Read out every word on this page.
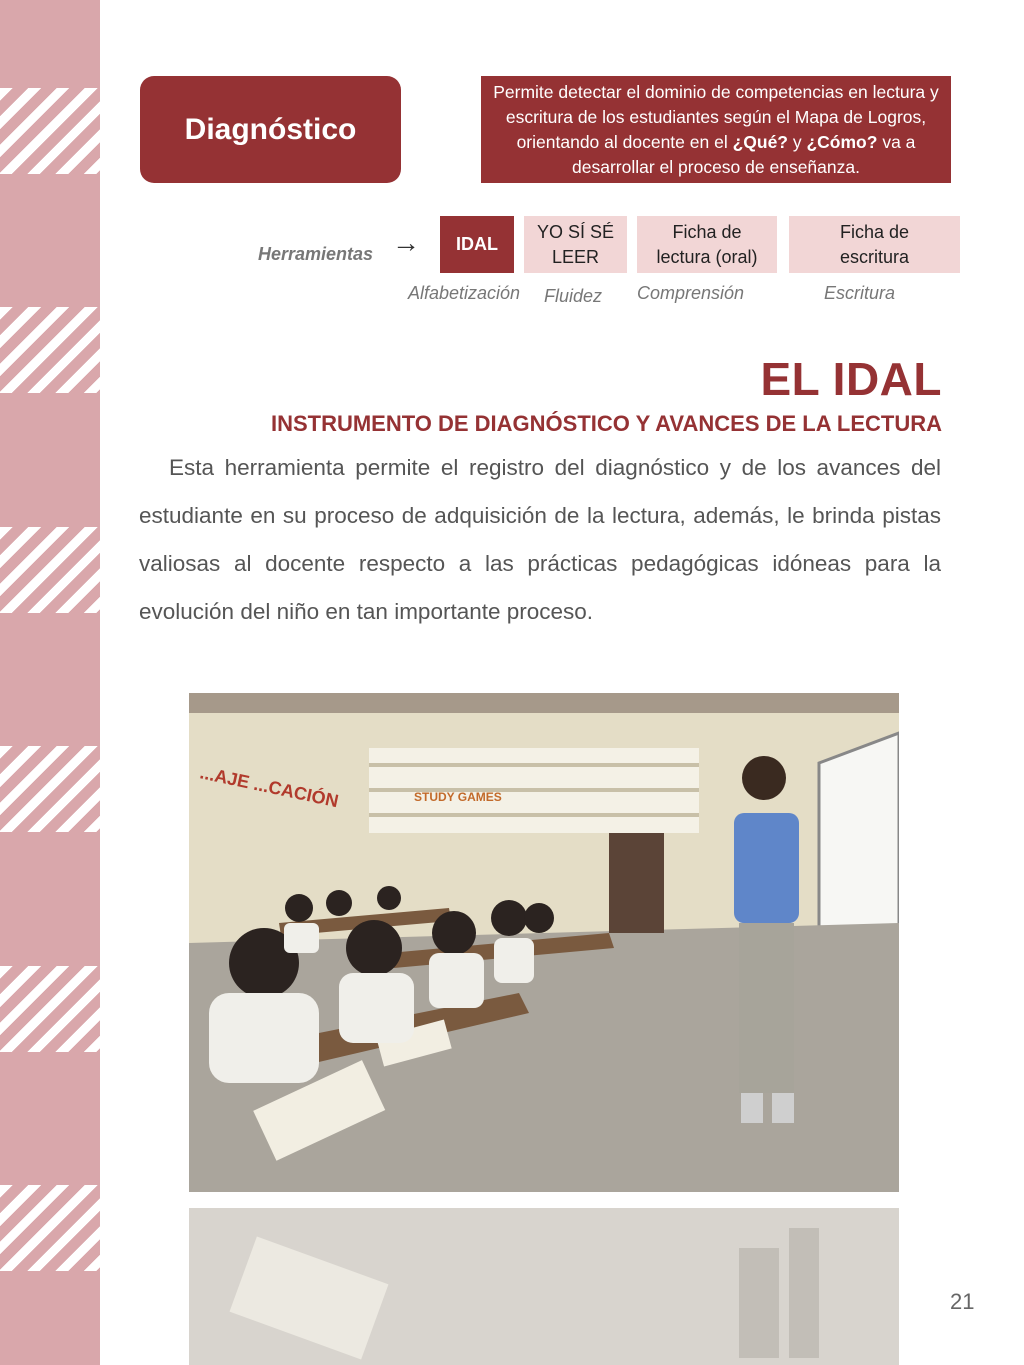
Diagnóstico
Permite detectar el dominio de competencias en lectura y escritura de los estudiantes según el Mapa de Logros, orientando al docente en el ¿Qué? y ¿Cómo? va a desarrollar el proceso de enseñanza.
Herramientas → IDAL
YO SÍ SÉ
LEER
Ficha de
lectura (oral)
Ficha de
escritura
Alfabetización Fluidez Comprensión	Escritura
EL IDAL
INSTRUMENTO DE DIAGNÓSTICO Y AVANCES DE LA LECTURA

Esta herramienta permite el registro del diagnóstico y de los avances del estudiante en su proceso de adquisición de la lectura, además, le brinda pistas valiosas al docente respecto a las prácticas pedagógicas idóneas para la evolución del niño en tan importante proceso.

...AJE ...CACIÓN	STUDY GAMES
21
